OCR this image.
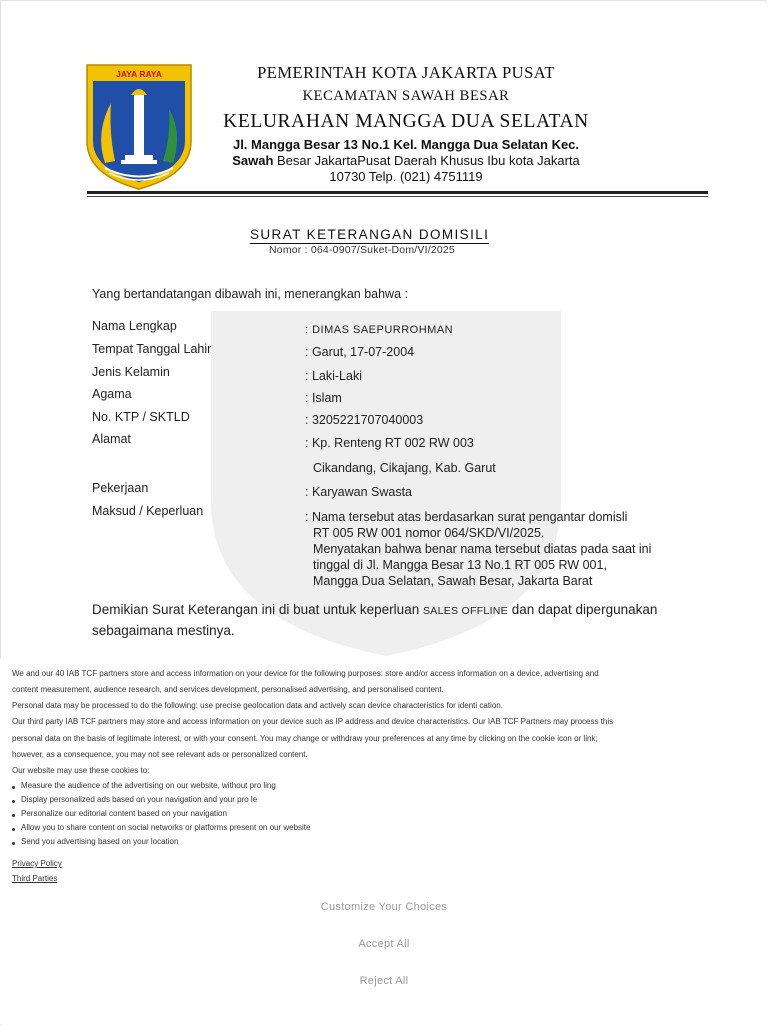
JAYA RAYA	PEMERINTAH KOTA JAKARTA PUSAT
KECAMATAN SAWAH BESAR
KELURAHAN MANGGA DUA SELATAN
Jl. Mangga Besar 13 No.1 Kel. Mangga Dua Selatan Kec.
Sawah Besar JakartaPusat Daerah Khusus Ibu kota Jakarta
10730 Telp. (021) 4751119
SURAT KETERANGAN DOMISILI
Nomor : 064-0907/Suket-Dom/VI/2025
Yang bertandatangan dibawah ini, menerangkan bahwa :
Nama Lengkap
Tempat Tanggal Lahir
Jenis Kelamin
Agama
No. KTP / SKTLD
Alamat
Pekerjaan
Maksud / Keperluan
: DIMAS SAEPURROHMAN
: Garut, 17-07-2004
: Laki-Laki
: Islam
: 3205221707040003
: Kp. Renteng RT 002 RW 003
Cikandang, Cikajang, Kab. Garut
: Karyawan Swasta
: Nama tersebut atas berdasarkan surat pengantar domisli
RT 005 RW 001 nomor 064/SKD/VI/2025.
Menyatakan bahwa benar nama tersebut diatas pada saat ini
tinggal di Jl. Mangga Besar 13 No.1 RT 005 RW 001,
Mangga Dua Selatan, Sawah Besar, Jakarta Barat
Demikian Surat Keterangan ini di buat untuk keperluan SALES OFFLINE dan dapat dipergunakan
sebagaimana mestinya.

We and our 40 IAB TCF partners store and access information on your device for the following purposes: store and/or access information on a device, advertising and

content measurement, audience research, and services development, personalised advertising, and personalised content.

Personal data may be processed to do the following: use precise geolocation data and actively scan device characteristics for identi cation.

Our third party IAB TCF partners may store and access information on your device such as IP address and device characteristics. Our IAB TCF Partners may process this

personal data on the basis of legitimate interest, or with your consent. You may change or withdraw your preferences at any time by clicking on the cookie icon or link;

however, as a consequence, you may not see relevant ads or personalized content.

Our website may use these cookies to:

Measure the audience of the advertising on our website, without pro ling
Display personalized ads based on your navigation and your pro le
Personalize our editorial content based on your navigation
Allow you to share content on social networks or platforms present on our website
Send you advertising based on your location
Privacy Policy
Third Parties
Customize Your Choices
Accept All
Reject All
